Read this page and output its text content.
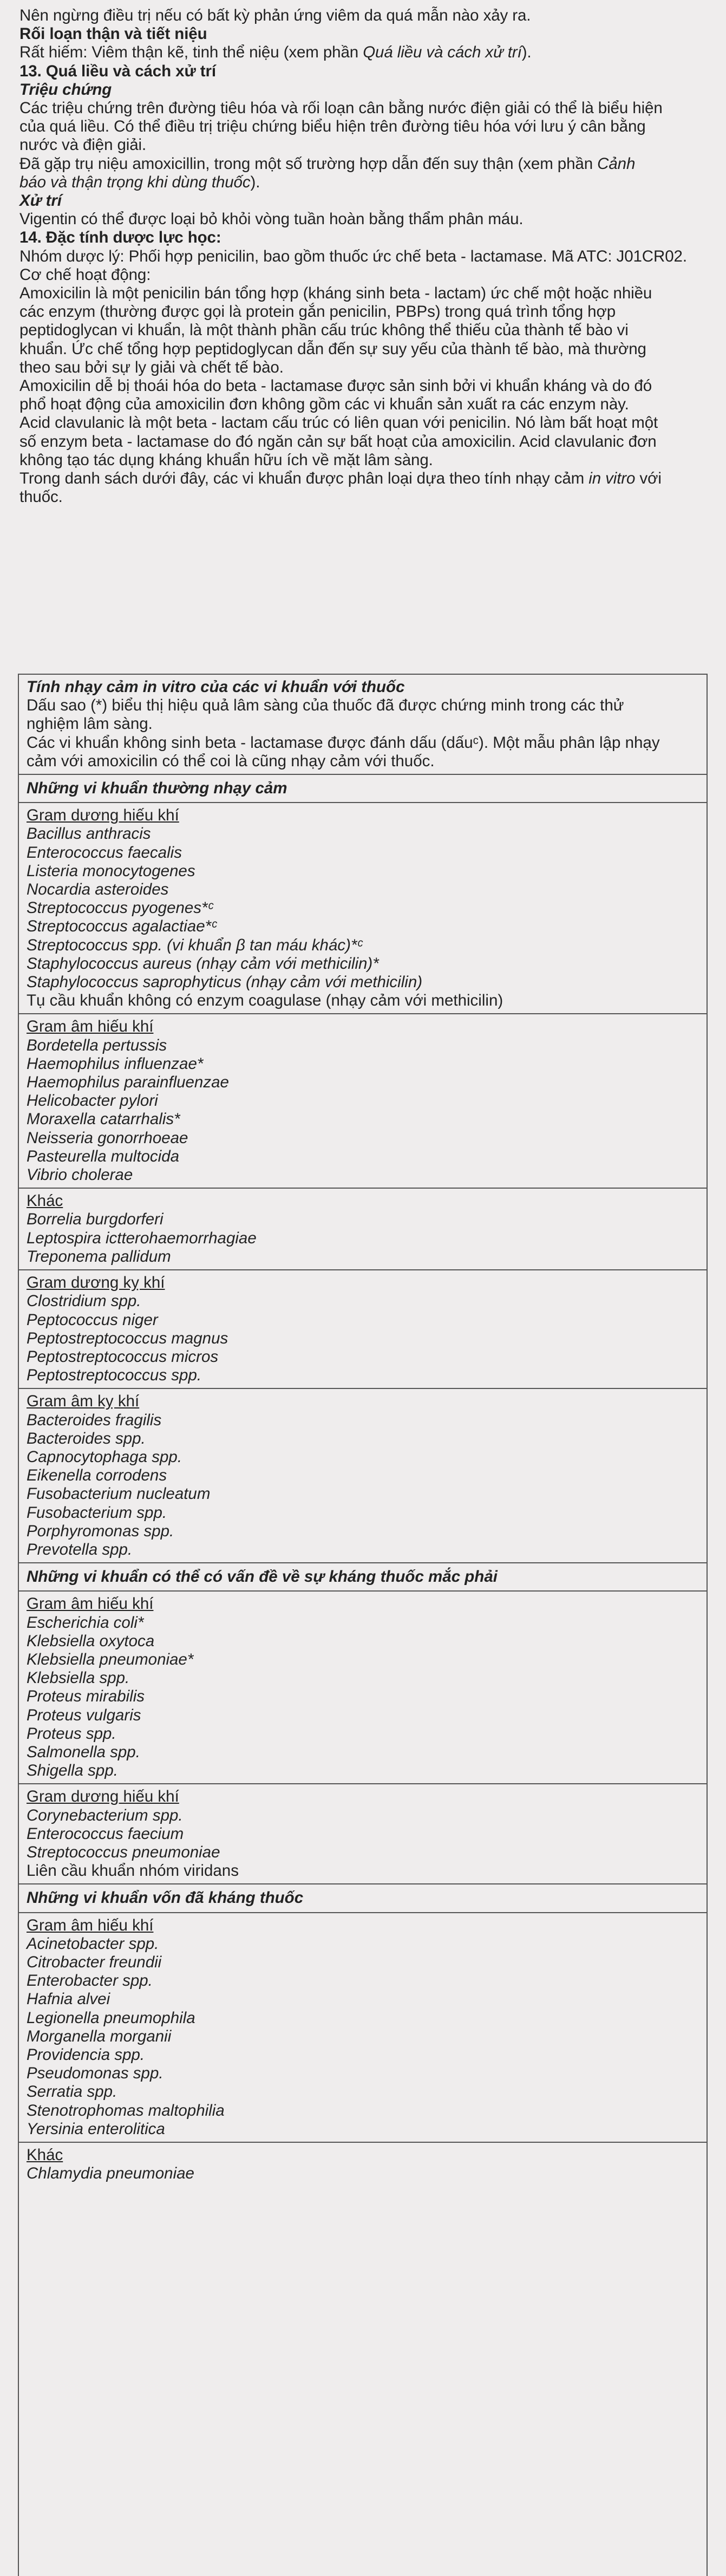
Nên ngừng điều trị nếu có bất kỳ phản ứng viêm da quá mẫn nào xảy ra.
Rối loạn thận và tiết niệu
Rất hiếm: Viêm thận kẽ, tinh thể niệu (xem phần Quá liều và cách xử trí).
13. Quá liều và cách xử trí
Triệu chứng
Các triệu chứng trên đường tiêu hóa và rối loạn cân bằng nước điện giải có thể là biểu hiện
của quá liều. Có thể điều trị triệu chứng biểu hiện trên đường tiêu hóa với lưu ý cân bằng
nước và điện giải.
Đã gặp trụ niệu amoxicillin, trong một số trường hợp dẫn đến suy thận (xem phần Cảnh
báo và thận trọng khi dùng thuốc).
Xử trí
Vigentin có thể được loại bỏ khỏi vòng tuần hoàn bằng thẩm phân máu.
14. Đặc tính dược lực học:
Nhóm dược lý: Phối hợp penicilin, bao gồm thuốc ức chế beta - lactamase. Mã ATC: J01CR02.
Cơ chế hoạt động:
Amoxicilin là một penicilin bán tổng hợp (kháng sinh beta - lactam) ức chế một hoặc nhiều
các enzym (thường được gọi là protein gắn penicilin, PBPs) trong quá trình tổng hợp
peptidoglycan vi khuẩn, là một thành phần cấu trúc không thể thiếu của thành tế bào vi
khuẩn. Ức chế tổng hợp peptidoglycan dẫn đến sự suy yếu của thành tế bào, mà thường
theo sau bởi sự ly giải và chết tế bào.
Amoxicilin dễ bị thoái hóa do beta - lactamase được sản sinh bởi vi khuẩn kháng và do đó
phổ hoạt động của amoxicilin đơn không gồm các vi khuẩn sản xuất ra các enzym này.
Acid clavulanic là một beta - lactam cấu trúc có liên quan với penicilin. Nó làm bất hoạt một
số enzym beta - lactamase do đó ngăn cản sự bất hoạt của amoxicilin. Acid clavulanic đơn
không tạo tác dụng kháng khuẩn hữu ích về mặt lâm sàng.
Trong danh sách dưới đây, các vi khuẩn được phân loại dựa theo tính nhạy cảm in vitro với
thuốc.
Tính nhạy cảm in vitro của các vi khuẩn với thuốc
Dấu sao (*) biểu thị hiệu quả lâm sàng của thuốc đã được chứng minh trong các thử
nghiệm lâm sàng.
Các vi khuẩn không sinh beta - lactamase được đánh dấu (dấuᶜ). Một mẫu phân lập nhạy
cảm với amoxicilin có thể coi là cũng nhạy cảm với thuốc.
Những vi khuẩn thường nhạy cảm
Gram dương hiếu khí
Bacillus anthracis
Enterococcus faecalis
Listeria monocytogenes
Nocardia asteroides
Streptococcus pyogenes*ᶜ
Streptococcus agalactiae*ᶜ
Streptococcus spp. (vi khuẩn β tan máu khác)*ᶜ
Staphylococcus aureus (nhạy cảm với methicilin)*
Staphylococcus saprophyticus (nhạy cảm với methicilin)
Tụ cầu khuẩn không có enzym coagulase (nhạy cảm với methicilin)
Gram âm hiếu khí
Bordetella pertussis
Haemophilus influenzae*
Haemophilus parainfluenzae
Helicobacter pylori
Moraxella catarrhalis*
Neisseria gonorrhoeae
Pasteurella multocida
Vibrio cholerae
Khác
Borrelia burgdorferi
Leptospira ictterohaemorrhagiae
Treponema pallidum
Gram dương kỵ khí
Clostridium spp.
Peptococcus niger
Peptostreptococcus magnus
Peptostreptococcus micros
Peptostreptococcus spp.
Gram âm kỵ khí
Bacteroides fragilis
Bacteroides spp.
Capnocytophaga spp.
Eikenella corrodens
Fusobacterium nucleatum
Fusobacterium spp.
Porphyromonas spp.
Prevotella spp.
Những vi khuẩn có thể có vấn đề về sự kháng thuốc mắc phải
Gram âm hiếu khí
Escherichia coli*
Klebsiella oxytoca
Klebsiella pneumoniae*
Klebsiella spp.
Proteus mirabilis
Proteus vulgaris
Proteus spp.
Salmonella spp.
Shigella spp.
Gram dương hiếu khí
Corynebacterium spp.
Enterococcus faecium
Streptococcus pneumoniae
Liên cầu khuẩn nhóm viridans
Những vi khuẩn vốn đã kháng thuốc
Gram âm hiếu khí
Acinetobacter spp.
Citrobacter freundii
Enterobacter spp.
Hafnia alvei
Legionella pneumophila
Morganella morganii
Providencia spp.
Pseudomonas spp.
Serratia spp.
Stenotrophomas maltophilia
Yersinia enterolitica
Khác
Chlamydia pneumoniae
